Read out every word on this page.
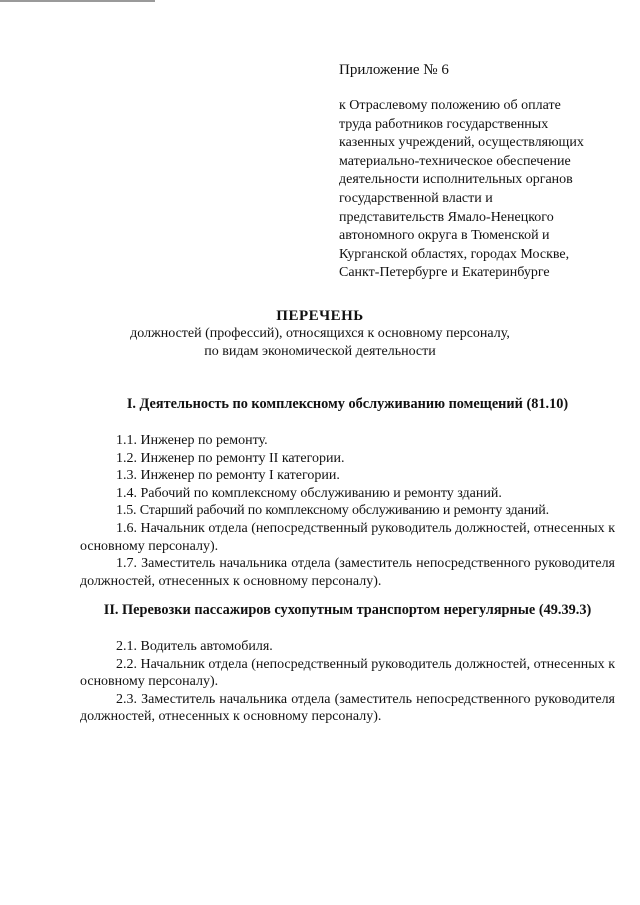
Приложение № 6
к Отраслевому положению об оплате
труда работников государственных
казенных учреждений, осуществляющих
материально-техническое обеспечение
деятельности исполнительных органов
государственной власти и
представительств Ямало-Ненецкого
автономного округа в Тюменской и
Курганской областях, городах Москве,
Санкт-Петербурге и Екатеринбурге
ПЕРЕЧЕНЬ
должностей (профессий), относящихся к основному персоналу,
по видам экономической деятельности
I. Деятельность по комплексному обслуживанию помещений (81.10)
1.1. Инженер по ремонту.
1.2. Инженер по ремонту II категории.
1.3. Инженер по ремонту I категории.
1.4. Рабочий по комплексному обслуживанию и ремонту зданий.
1.5. Старший рабочий по комплексному обслуживанию и ремонту зданий.
1.6. Начальник отдела (непосредственный руководитель должностей, отнесенных к основному персоналу).
1.7. Заместитель начальника отдела (заместитель непосредственного руководителя должностей, отнесенных к основному персоналу).
II. Перевозки пассажиров сухопутным транспортом нерегулярные (49.39.3)
2.1. Водитель автомобиля.
2.2. Начальник отдела (непосредственный руководитель должностей, отнесенных к основному персоналу).
2.3. Заместитель начальника отдела (заместитель непосредственного руководителя должностей, отнесенных к основному персоналу).
